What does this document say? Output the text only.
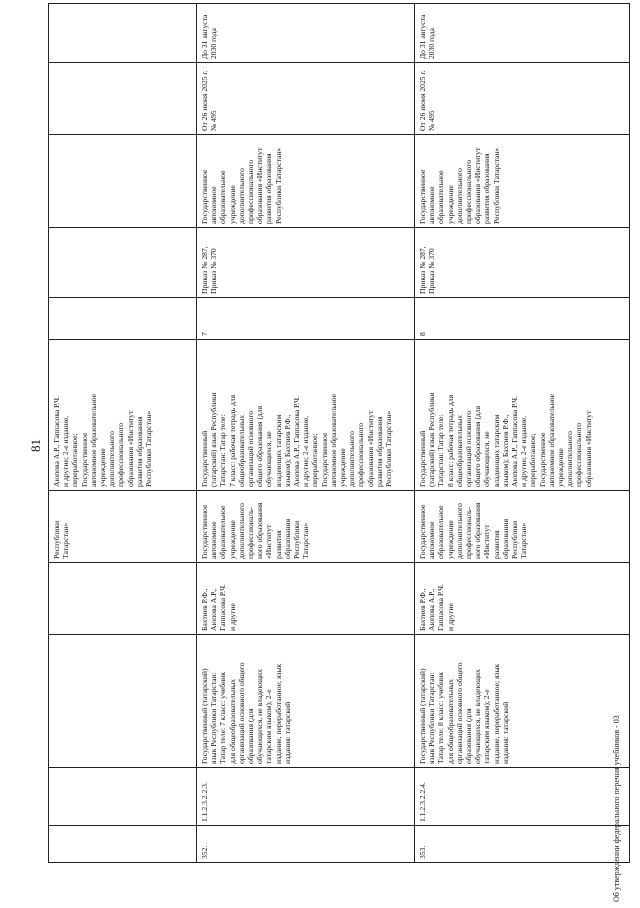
81
Республики
Татарстан»
Аюпова А.Р., Гаппасова Р.Ч.
и другие; 2-е издание,
переработанное;
Государственное
автономное образовательное
учреждение
дополнительного
профессионального
образования «Институт
развития образования
Республики Татарстан»
352.
1.1.2.3.2.2.3.
Государственный (татарский)
язык Республики Татарстан:
Татар теле: 7 класс: учебник
для общеобразовательных
организаций основного общего
образования (для
обучающихся, не владеющих
татарским языком); 2-е
издание, переработанное; язык
издания: татарский
Бахтиев Р.Ф.,
Аюпова А.Р.,
Гаппасова Р.Ч.
и другие
Государственное
автономное
образовательное
учреждение
дополнительного
профессиональ-
ного образования
«Институт
развития
образования
Республики
Татарстан»
Государственный
(татарский) язык Республики
Татарстан: Татар теле:
7 класс: рабочая тетрадь для
общеобразовательных
организаций основного
общего образования (для
обучающихся, не
владеющих татарским
языком); Бахтиев Р.Ф.,
Аюпова А.Р., Гаппасова Р.Ч.
и другие; 2-е издание,
переработанное;
Государственное
автономное образовательное
учреждение
дополнительного
профессионального
образования «Институт
развития образования
Республики Татарстан»
7
Приказ № 287,
Приказ № 370
Государственное
автономное
образовательное
учреждение
дополнительного
профессионального
образования «Институт
развития образования
Республики Татарстан»
От 26 июня 2025 г.
№ 495
До 31 августа
2030 года
353.
1.1.2.3.2.2.4.
Государственный (татарский)
язык Республики Татарстан:
Татар теле: 8 класс: учебник
для общеобразовательных
организаций основного общего
образования (для
обучающихся, не владеющих
татарским языком); 2-е
издание, переработанное; язык
издания: татарский
Бахтиев Р.Ф.,
Аюпова А.Р.,
Гаппасова Р.Ч.
и другие
Государственное
автономное
образовательное
учреждение
дополнительного
профессиональ-
ного образования
«Институт
развития
образования
Республики
Татарстан»
Государственный
(татарский) язык Республики
Татарстан: Татар теле:
8 класс: рабочая тетрадь для
общеобразовательных
организаций основного
общего образования (для
обучающихся, не
владеющих татарским
языком); Бахтиев Р.Ф.,
Аюпова А.Р., Гаппасова Р.Ч.
и другие; 2-е издание,
переработанное;
Государственное
автономное образовательное
учреждение
дополнительного
профессионального
образования «Институт
8
Приказ № 287,
Приказ № 370
Государственное
автономное
образовательное
учреждение
дополнительного
профессионального
образования «Институт
развития образования
Республики Татарстан»
От 26 июня 2025 г.
№ 495
До 31 августа
2030 года
Об утверждении федерального перечня учебников - 03
